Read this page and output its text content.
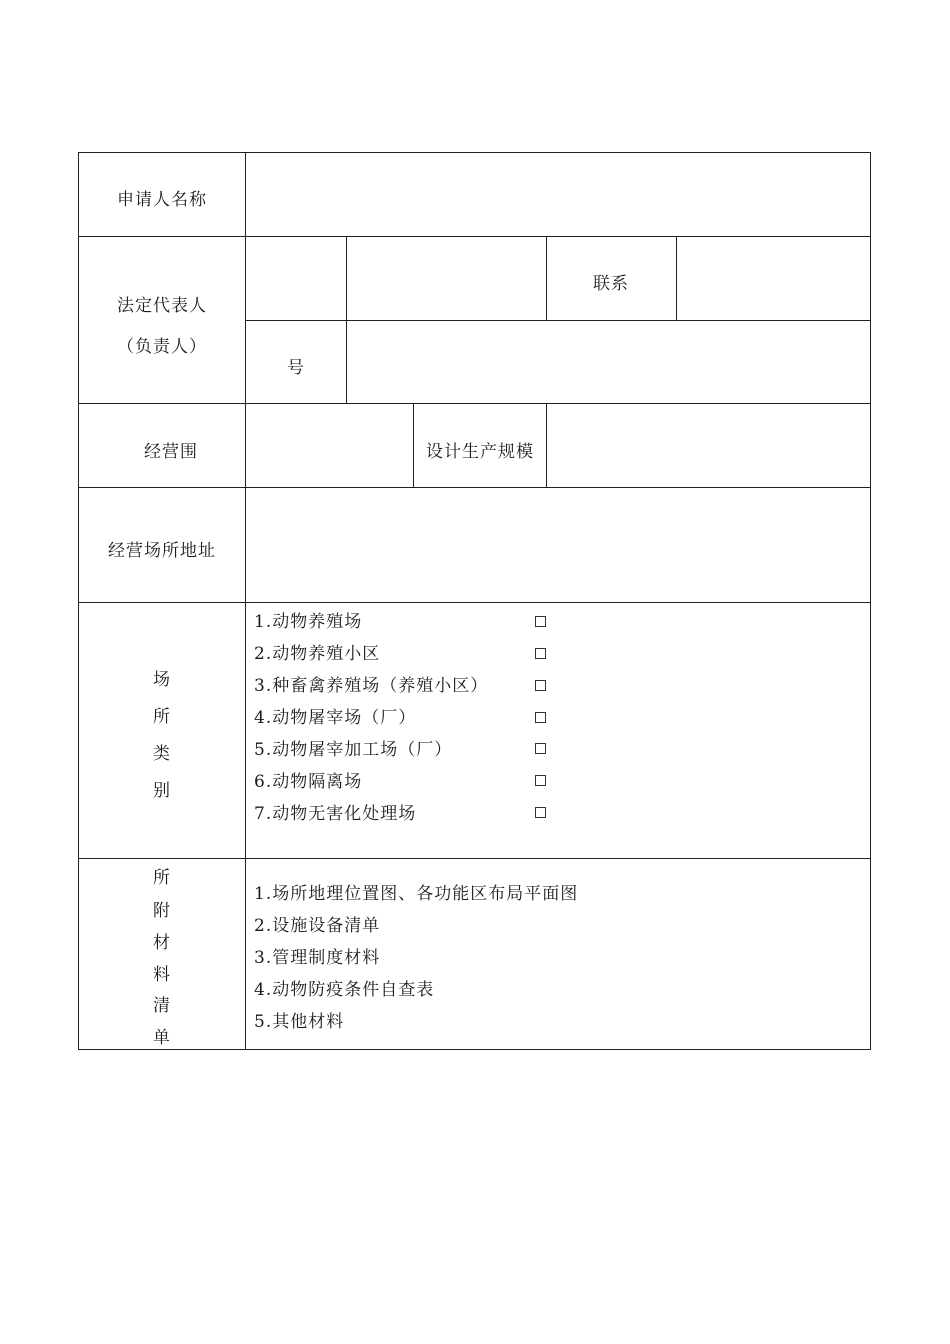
申请人名称
法定代表人
（负责人）
联系
号
经营围	设计生产规模
经营场所地址
场
所
类
别
1.动物养殖场
2.动物养殖小区
3.种畜禽养殖场（养殖小区）
4.动物屠宰场（厂）
5.动物屠宰加工场（厂）
6.动物隔离场
7.动物无害化处理场
所
附
材
料
清
单
1.场所地理位置图、各功能区布局平面图
2.设施设备清单
3.管理制度材料
4.动物防疫条件自查表
5.其他材料
